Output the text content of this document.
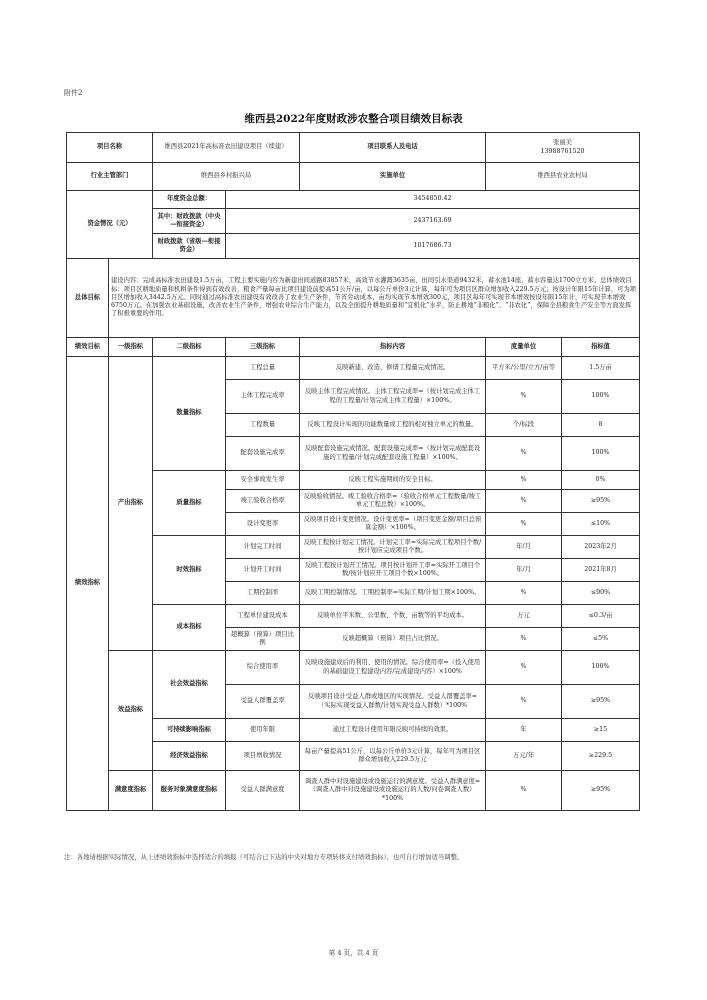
附件2
维西县2022年度财政涉农整合项目绩效目标表
项目名称		维西县2021年高标准农田建设项目（续建）		项目联系人及电话	张丽美
13988761520	

行业主管部门		维西县乡村振兴局		实施单位	维西县农业农村局	
资金情况（元）		年度资金总额：	3454850.42			
		其中：财政拨款（中央—衔接资金）	2437163.69			
		财政拨款（省级—衔接资金）	1017686.73			
总体目标	建设内容：完成高标准农田建设1.5万亩，工程主要实施内容为新建田间道路83857米，高效节水灌溉3635亩，田间引水渠道9432米，蓄水池14座，蓄水容量达1700立方米。总体绩效目标：项目区耕地质量和机耕条件得到有效改善，粮食产量每亩比项目建设前提高51公斤/亩，以每公斤单价3元计算，每年可为项目区群众增加收入229.5万元；按设计年限15年计算，可为项目区增加收入3442.5万元。同时通过高标准农田建设有效改善了农业生产条件，节省劳动成本，亩均实现节本增效300元，项目区每年可实现节本增效按设年限15年计，可实现节本增效6750万元。在加强农业基础设施，改善农业生产条件，增强农业综合生产能力，以及全面提升耕地质量和“宜机化”水平，防止耕地“非粮化”、“非农化”，保障全县粮食生产安全等方面发挥了积极重要的作用。					
绩效目标	一级指标	二级指标	三级指标	指标内容	度量单位	指标值
绩效指标	产出指标	数量指标	工程总量	反映新建、改造、修缮工程量完成情况。	平方米/公里/立方/亩等	1.5万亩
			主体工程完成率	反映主体工程完成情况。主体工程完成率=（按计划完成主体工程的工程量/计划完成主体工程量）×100%。	%	100%
			工程数量	反映工程设计实现的功能数量或工程的相对独立单元的数量。	个/标段	8
			配套设施完成率	反映配套设施完成情况。配套设施完成率=（按计划完成配套设施的工程量/计划完成配套设施工程量）×100%。	%	100%
		质量指标	安全事故发生率	反映工程实施期间的安全目标。	%	0%
			竣工验收合格率	反映验收情况。竣工验收合格率=（验收合格单元工程数量/竣工单元工程总数）×100%。	%	≥95%
			设计变更率	反映项目设计变更情况。设计变更率=（项目变更金额/项目总预算金额）×100%。	%	≤10%
		时效指标	计划完工时间	反映工程按计划完工情况。计划完工率=实际完成工程项目个数/按计划应完成项目个数。	年/月	2023年2月
			计划开工时间	反映工程按计划开工情况。项目按计划开工率=实际开工项目个数/按计划应开工项目个数×100%。	年/月	2021年8月
			工期控制率	反映工期控制情况。工期控制率=实际工期/计划工期×100%。	%	≤90%
		成本指标	工程单位建设成本	反映单位平米数、公里数、个数、亩数等的平均成本。	万元	≤0.3/亩
			超概算（预算）项目比例	反映超概算（预算）项目占比情况。	%	≤5%
	效益指标	社会效益指标	综合使用率	反映设施建成后的利用、使用的情况。综合使用率=（投入使用的基础建设工程建设内容/完成建设内容）×100%	%	100%
			受益人群覆盖率	反映项目设计受益人群或地区的实现情况。受益人群覆盖率=（实际实现受益人群数/计划实现受益人群数）*100%	%	≥95%
		可持续影响指标	使用年限	通过工程设计使用年限反映可持续的效果。	年	≥15
		经济效益指标	项目增收情况	每亩产量提高51公斤，以每公斤单价3元计算，每年可为项目区群众增加收入229.5万元	万元/年	≥229.5
	满意度指标	服务对象满意度指标	受益人群满意度	调查人群中对设施建设或设施运行的满意度。受益人群满意度=（调查人群中对设施建设或设施运行的人数/问卷调查人数）*100%	%	≥95%
注：各地请根据实际情况，从上述绩效指标中选择适合的填报（可结合已下达的中央对地方专项转移支付绩效指标），也可自行增加适当调整。
第 4 页，共 4 页
